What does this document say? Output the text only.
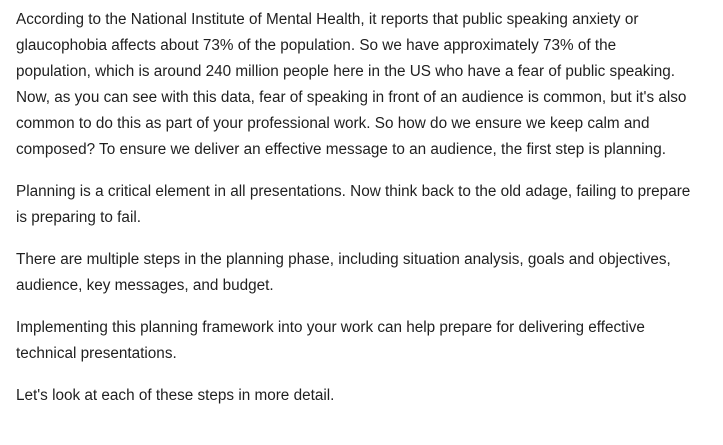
According to the National Institute of Mental Health, it reports that public speaking anxiety or glaucophobia affects about 73% of the population. So we have approximately 73% of the population, which is around 240 million people here in the US who have a fear of public speaking. Now, as you can see with this data, fear of speaking in front of an audience is common, but it's also common to do this as part of your professional work. So how do we ensure we keep calm and composed? To ensure we deliver an effective message to an audience, the first step is planning.

Planning is a critical element in all presentations. Now think back to the old adage, failing to prepare is preparing to fail.

There are multiple steps in the planning phase, including situation analysis, goals and objectives, audience, key messages, and budget.

Implementing this planning framework into your work can help prepare for delivering effective technical presentations.

Let's look at each of these steps in more detail.
